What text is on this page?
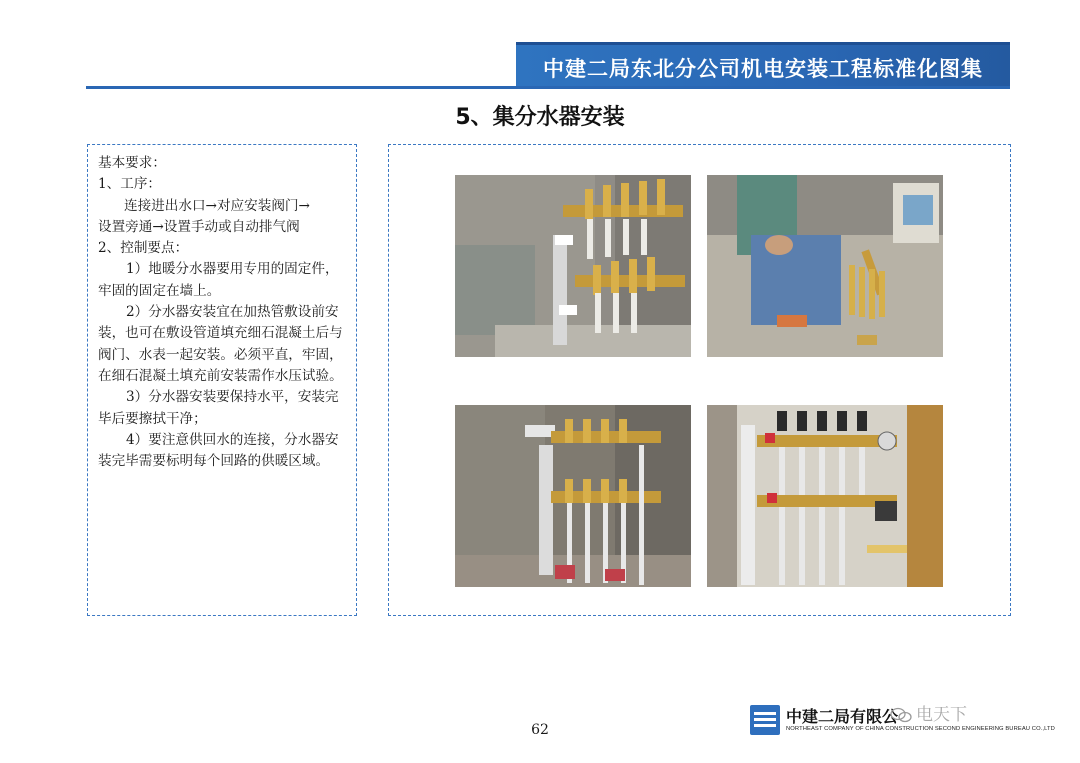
中建二局东北分公司机电安装工程标准化图集
5、集分水器安装

基本要求：

1、工序：

连接进出水口→对应安装阀门→

设置旁通→设置手动或自动排气阀

2、控制要点：

1）地暖分水器要用专用的固定件，牢固的固定在墙上。

2）分水器安装宜在加热管敷设前安装，也可在敷设管道填充细石混凝土后与阀门、水表一起安装。必须平直，牢固，在细石混凝土填充前安装需作水压试验。

3）分水器安装要保持水平，安装完毕后要擦拭干净；

4）要注意供回水的连接，分水器安装完毕需要标明每个回路的供暖区域。

62
中建二局有限公
NORTHEAST COMPANY OF CHINA CONSTRUCTION SECOND ENGINEERING BUREAU CO.,LTD
电天下
